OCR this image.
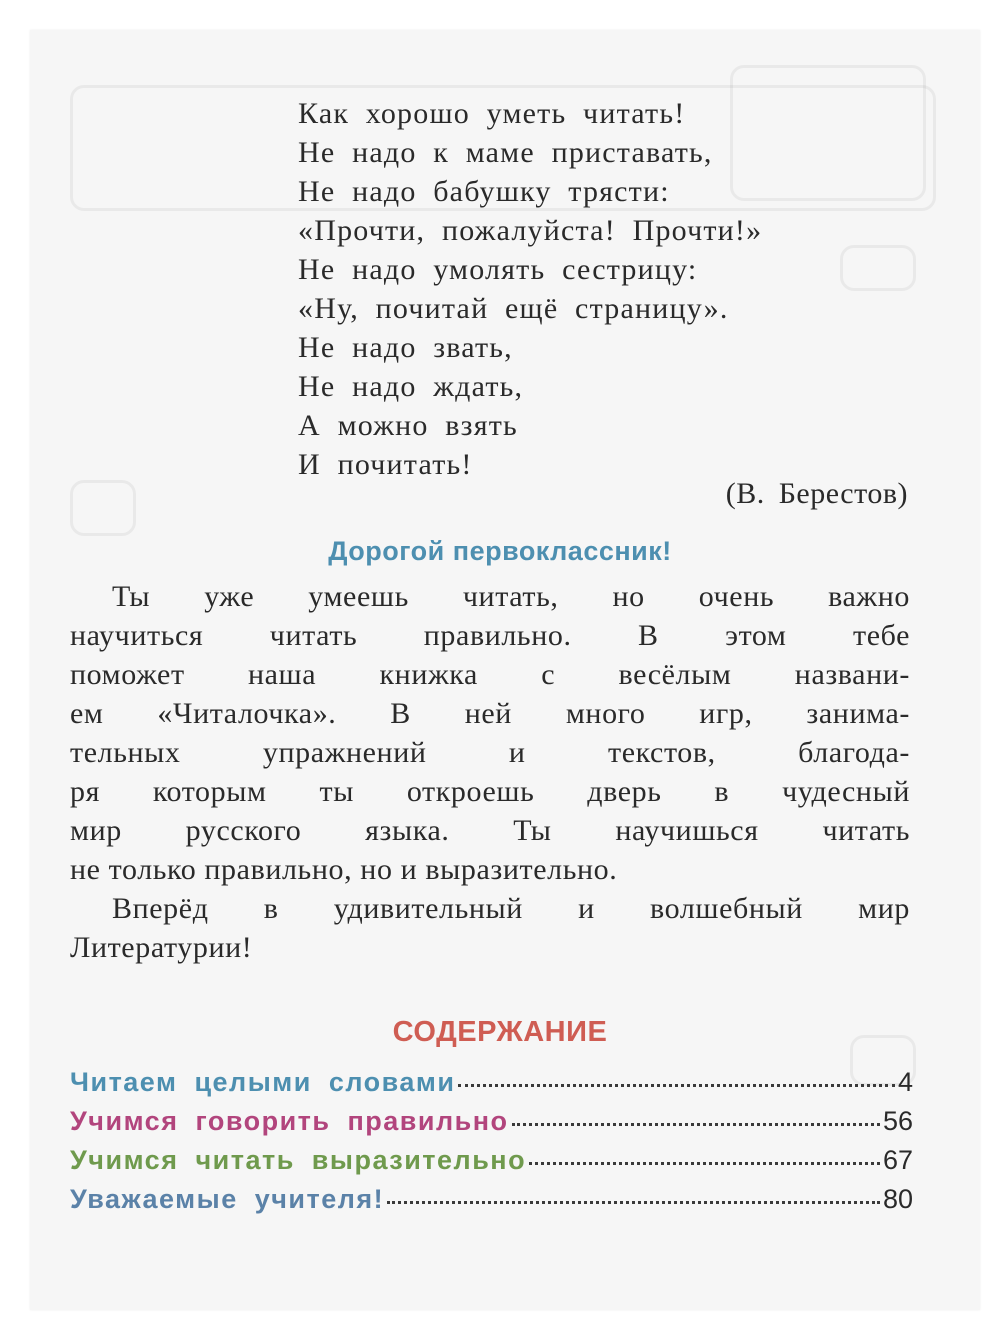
Как хорошо уметь читать!
Не надо к маме приставать,
Не надо бабушку трясти:
«Прочти, пожалуйста! Прочти!»
Не надо умолять сестрицу:
«Ну, почитай ещё страницу».
Не надо звать,
Не надо ждать,
А можно взять
И почитать!
(В. Берестов)
Дорогой первоклассник!
Ты уже умеешь читать, но очень важно
научиться читать правильно. В этом тебе
поможет наша книжка с весёлым названи-
ем «Читалочка». В ней много игр, занима-
тельных упражнений и текстов, благода-
ря которым ты откроешь дверь в чудесный
мир русского языка. Ты научишься читать
не только правильно, но и выразительно.
Вперёд в удивительный и волшебный мир
Литературии!
СОДЕРЖАНИЕ
Читаем целыми словами	4
Учимся говорить правильно	56
Учимся читать выразительно	67
Уважаемые учителя!	80
